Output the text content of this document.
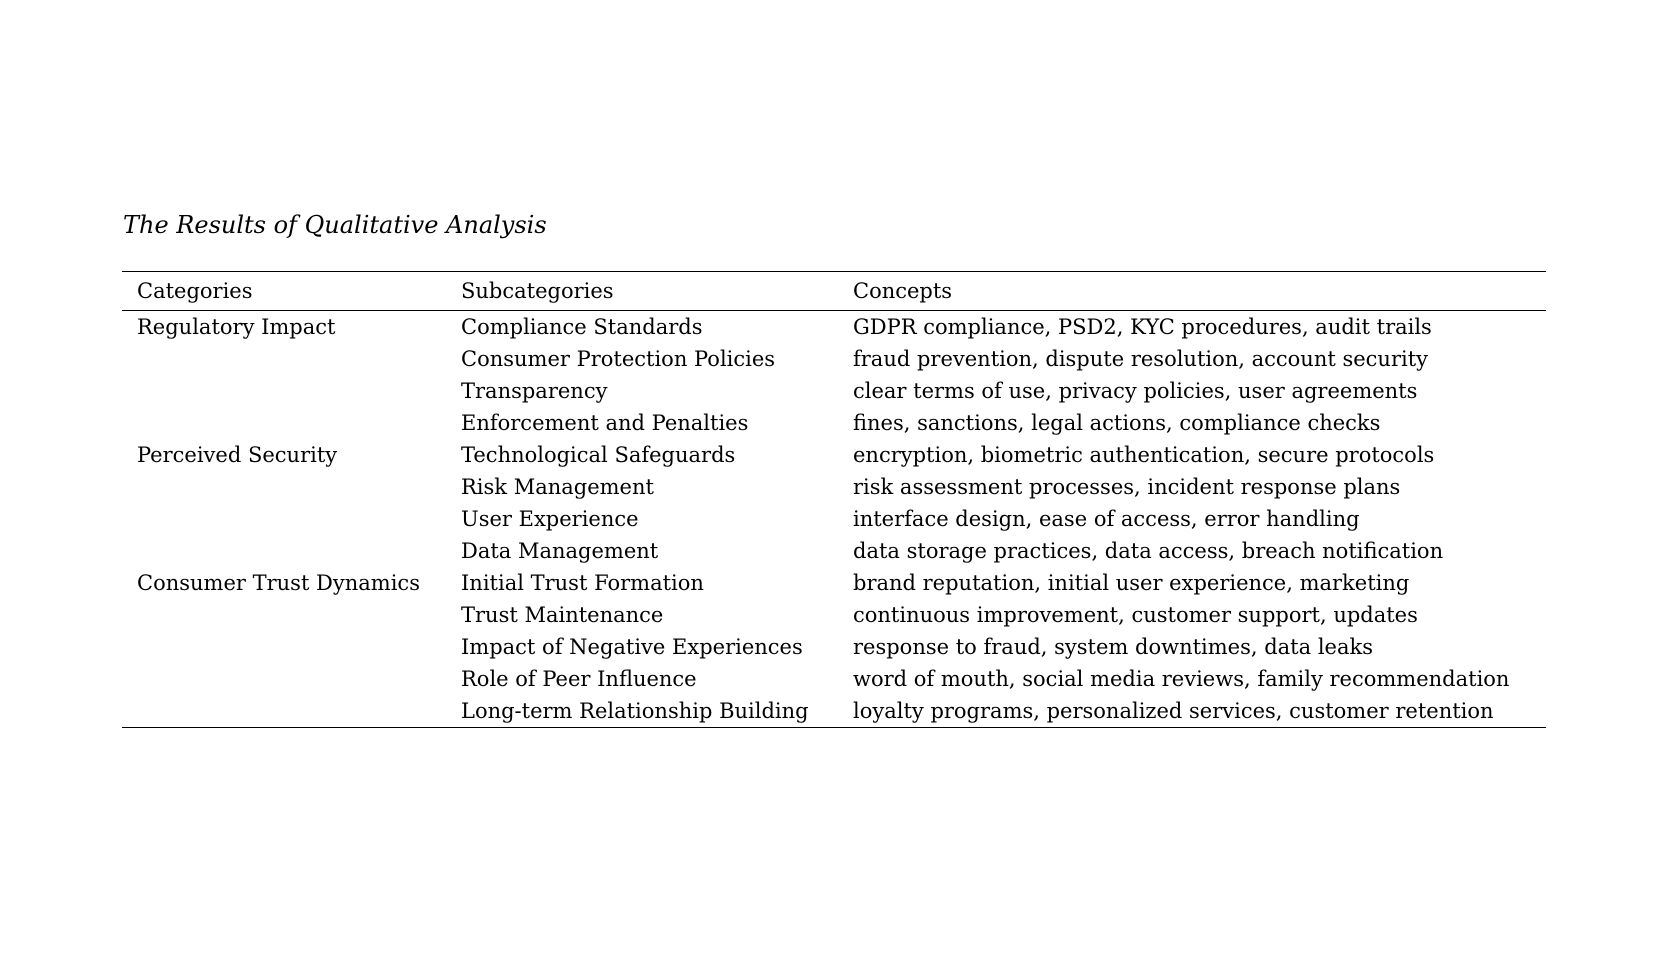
The Results of Qualitative Analysis
Categories	Subcategories	Concepts
Regulatory Impact	Compliance Standards	GDPR compliance, PSD2, KYC procedures, audit trails
	Consumer Protection Policies	fraud prevention, dispute resolution, account security
	Transparency	clear terms of use, privacy policies, user agreements
	Enforcement and Penalties	fines, sanctions, legal actions, compliance checks
Perceived Security	Technological Safeguards	encryption, biometric authentication, secure protocols
	Risk Management	risk assessment processes, incident response plans
	User Experience	interface design, ease of access, error handling
	Data Management	data storage practices, data access, breach notification
Consumer Trust Dynamics	Initial Trust Formation	brand reputation, initial user experience, marketing
	Trust Maintenance	continuous improvement, customer support, updates
	Impact of Negative Experiences	response to fraud, system downtimes, data leaks
	Role of Peer Influence	word of mouth, social media reviews, family recommendation
	Long-term Relationship Building	loyalty programs, personalized services, customer retention
